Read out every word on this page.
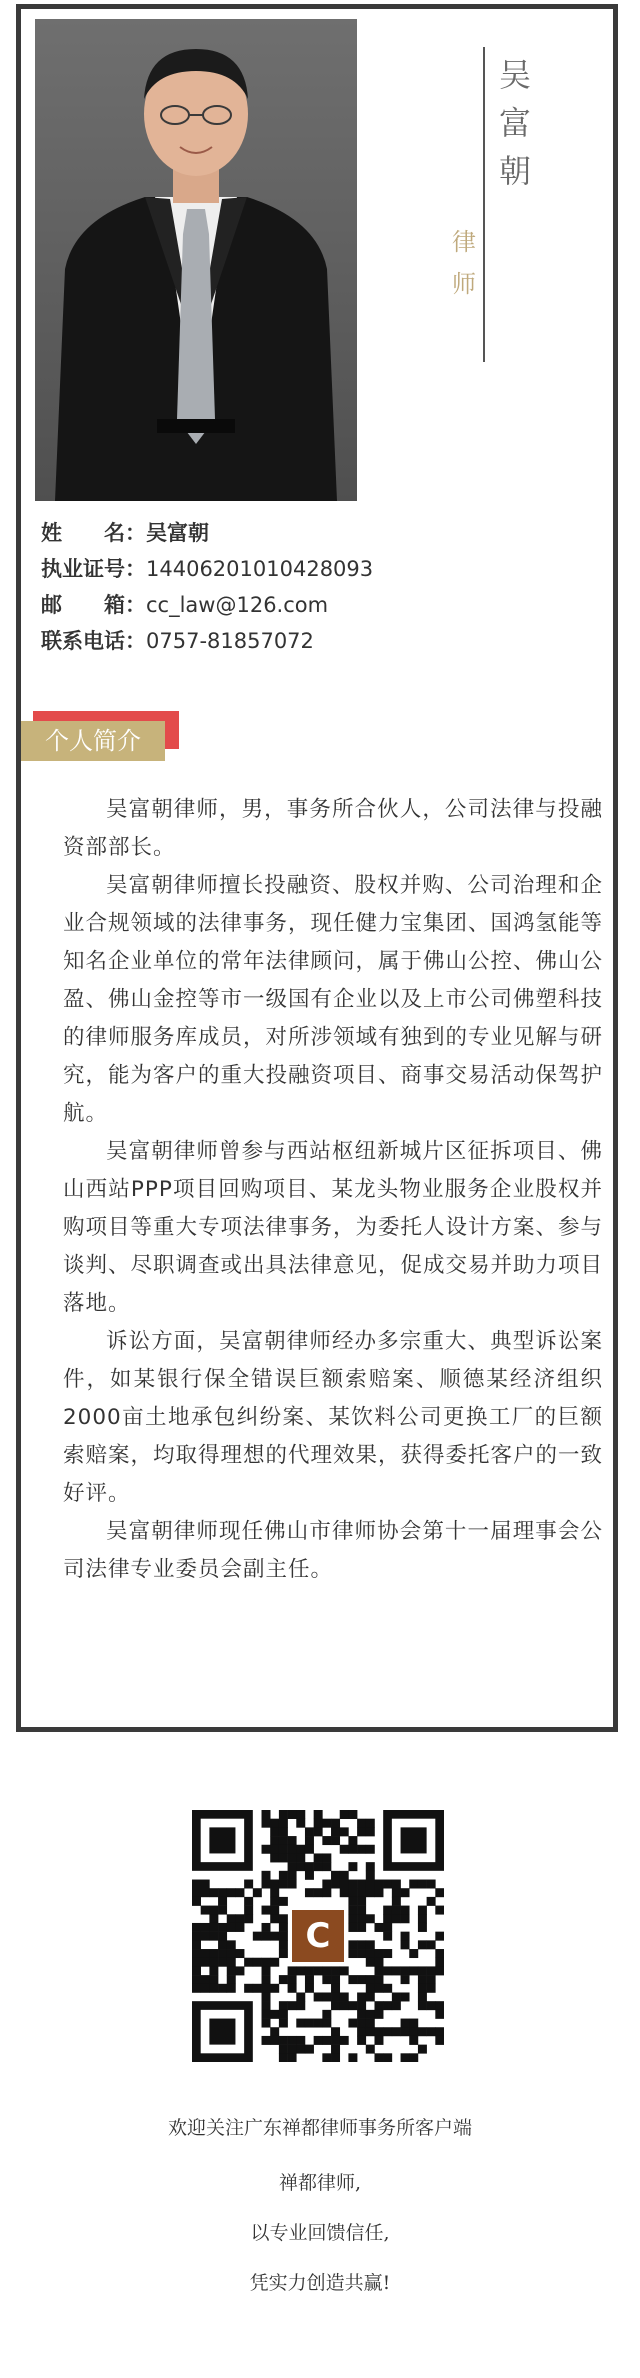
吴
富
朝
律
师
姓　　名：吴富朝
执业证号：14406201010428093
邮　　箱：cc_law@126.com
联系电话：0757-81857072
个人简介

吴富朝律师，男，事务所合伙人，公司法律与投融资部部长。

吴富朝律师擅长投融资、股权并购、公司治理和企业合规领域的法律事务，现任健力宝集团、国鸿氢能等知名企业单位的常年法律顾问，属于佛山公控、佛山公盈、佛山金控等市一级国有企业以及上市公司佛塑科技的律师服务库成员，对所涉领域有独到的专业见解与研究，能为客户的重大投融资项目、商事交易活动保驾护航。

吴富朝律师曾参与西站枢纽新城片区征拆项目、佛山西站PPP项目回购项目、某龙头物业服务企业股权并购项目等重大专项法律事务，为委托人设计方案、参与谈判、尽职调查或出具法律意见，促成交易并助力项目落地。

诉讼方面，吴富朝律师经办多宗重大、典型诉讼案件，如某银行保全错误巨额索赔案、顺德某经济组织2000亩土地承包纠纷案、某饮料公司更换工厂的巨额索赔案，均取得理想的代理效果，获得委托客户的一致好评。

吴富朝律师现任佛山市律师协会第十一届理事会公司法律专业委员会副主任。

C
欢迎关注广东禅都律师事务所客户端
禅都律师,
以专业回馈信任,
凭实力创造共赢!
